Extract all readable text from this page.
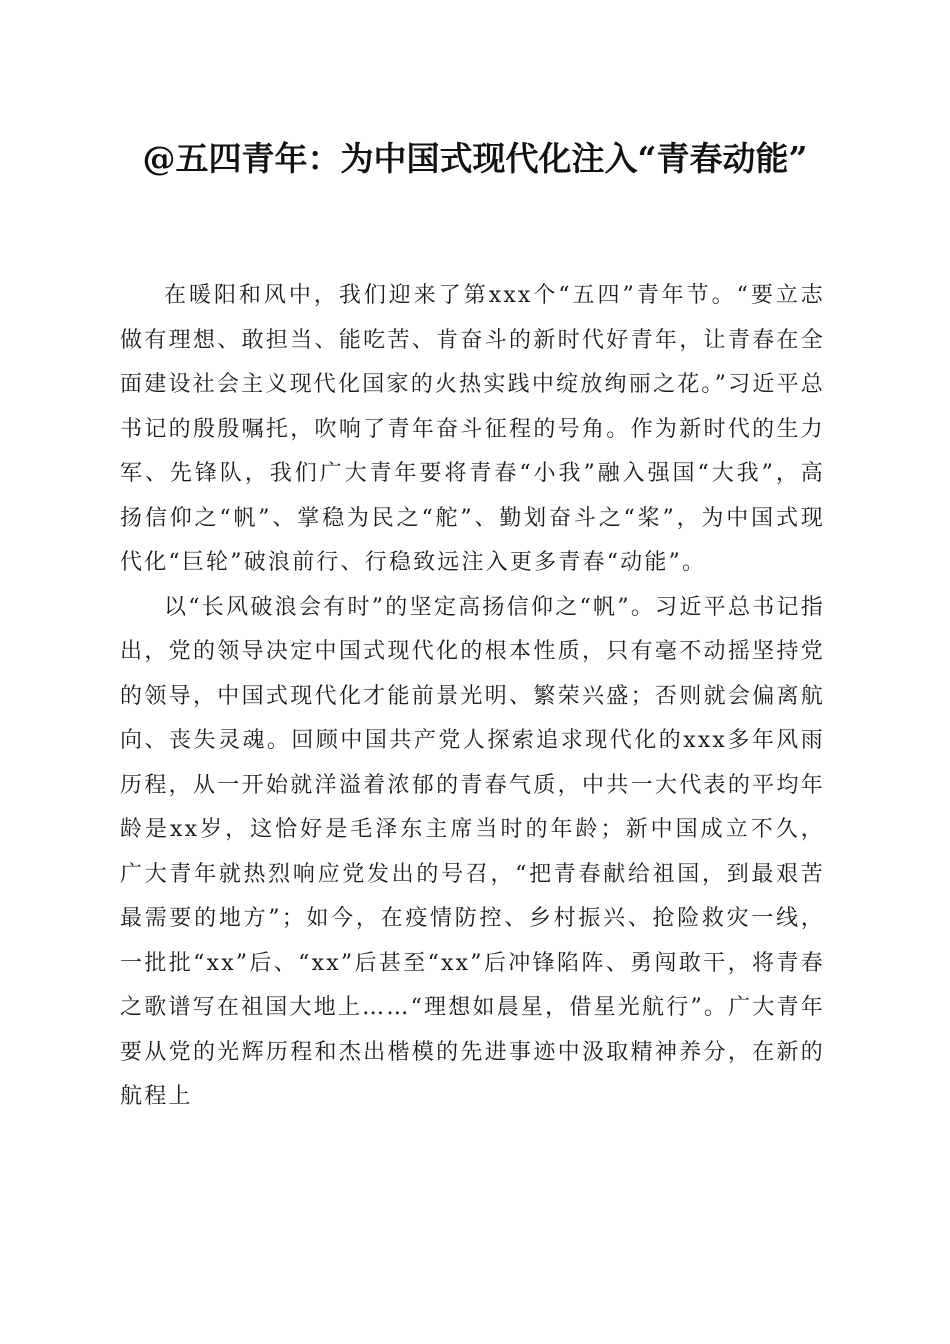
@五四青年：为中国式现代化注入“青春动能”

在暖阳和风中，我们迎来了第xxx个“五四”青年节。“要立志做有理想、敢担当、能吃苦、肯奋斗的新时代好青年，让青春在全面建设社会主义现代化国家的火热实践中绽放绚丽之花。”习近平总书记的殷殷嘱托，吹响了青年奋斗征程的号角。作为新时代的生力军、先锋队，我们广大青年要将青春“小我”融入强国“大我”，高扬信仰之“帆”、掌稳为民之“舵”、勤划奋斗之“桨”，为中国式现代化“巨轮”破浪前行、行稳致远注入更多青春“动能”。

以“长风破浪会有时”的坚定高扬信仰之“帆”。习近平总书记指出，党的领导决定中国式现代化的根本性质，只有毫不动摇坚持党的领导，中国式现代化才能前景光明、繁荣兴盛；否则就会偏离航向、丧失灵魂。回顾中国共产党人探索追求现代化的xxx多年风雨历程，从一开始就洋溢着浓郁的青春气质，中共一大代表的平均年龄是xx岁，这恰好是毛泽东主席当时的年龄；新中国成立不久，广大青年就热烈响应党发出的号召，“把青春献给祖国，到最艰苦最需要的地方”；如今，在疫情防控、乡村振兴、抢险救灾一线，一批批“xx”后、“xx”后甚至“xx”后冲锋陷阵、勇闯敢干，将青春之歌谱写在祖国大地上……“理想如晨星，借星光航行”。广大青年要从党的光辉历程和杰出楷模的先进事迹中汲取精神养分，在新的航程上
